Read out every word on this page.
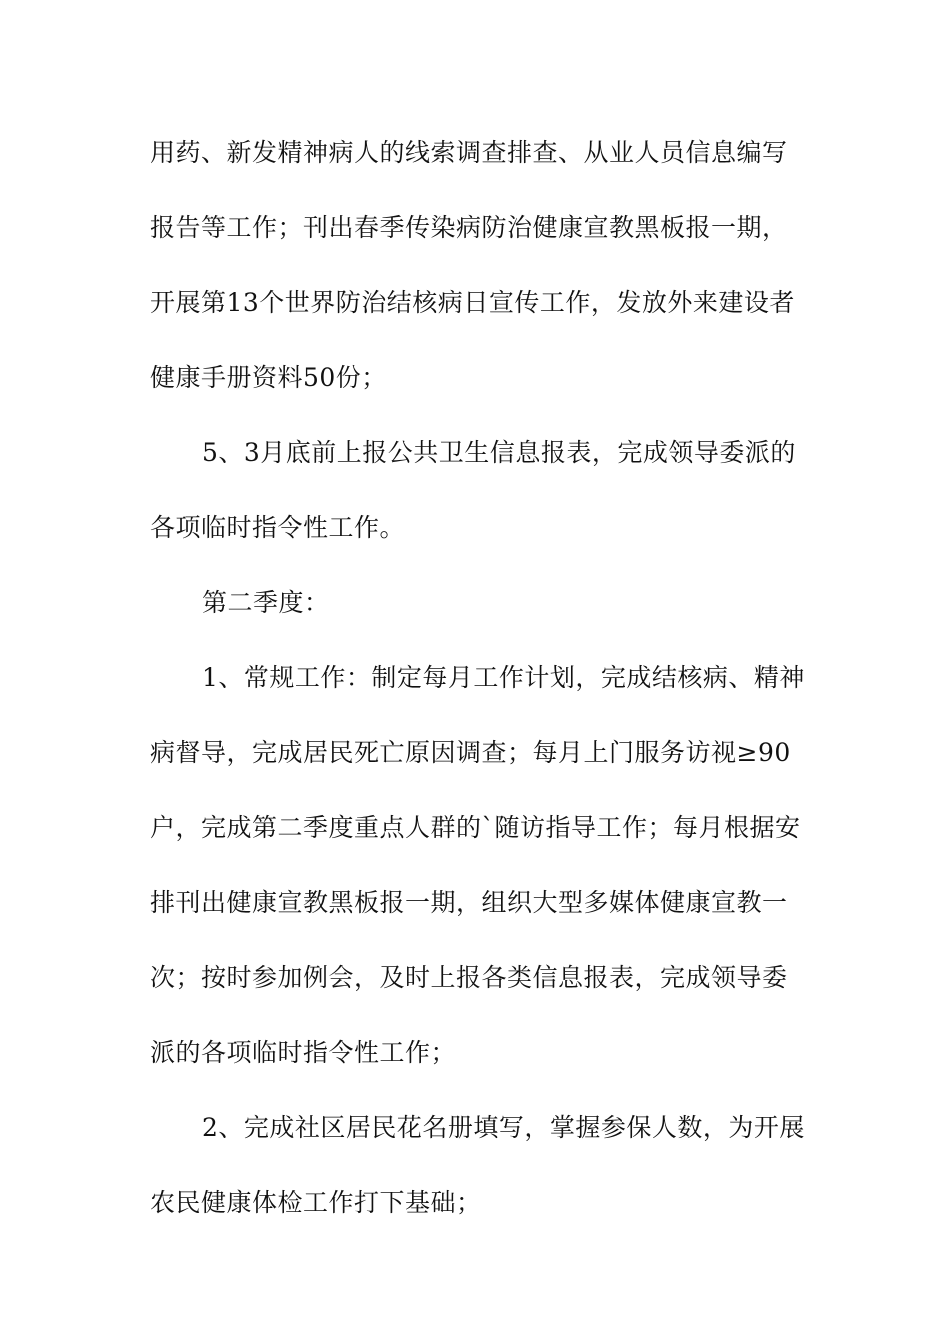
用药、新发精神病人的线索调查排查、从业人员信息编写
报告等工作；刊出春季传染病防治健康宣教黑板报一期，
开展第13个世界防治结核病日宣传工作，发放外来建设者
健康手册资料50份；
5、3月底前上报公共卫生信息报表，完成领导委派的
各项临时指令性工作。
第二季度：
1、常规工作：制定每月工作计划，完成结核病、精神
病督导，完成居民死亡原因调查；每月上门服务访视≥90
户，完成第二季度重点人群的`随访指导工作；每月根据安
排刊出健康宣教黑板报一期，组织大型多媒体健康宣教一
次；按时参加例会，及时上报各类信息报表，完成领导委
派的各项临时指令性工作；
2、完成社区居民花名册填写，掌握参保人数，为开展
农民健康体检工作打下基础；
